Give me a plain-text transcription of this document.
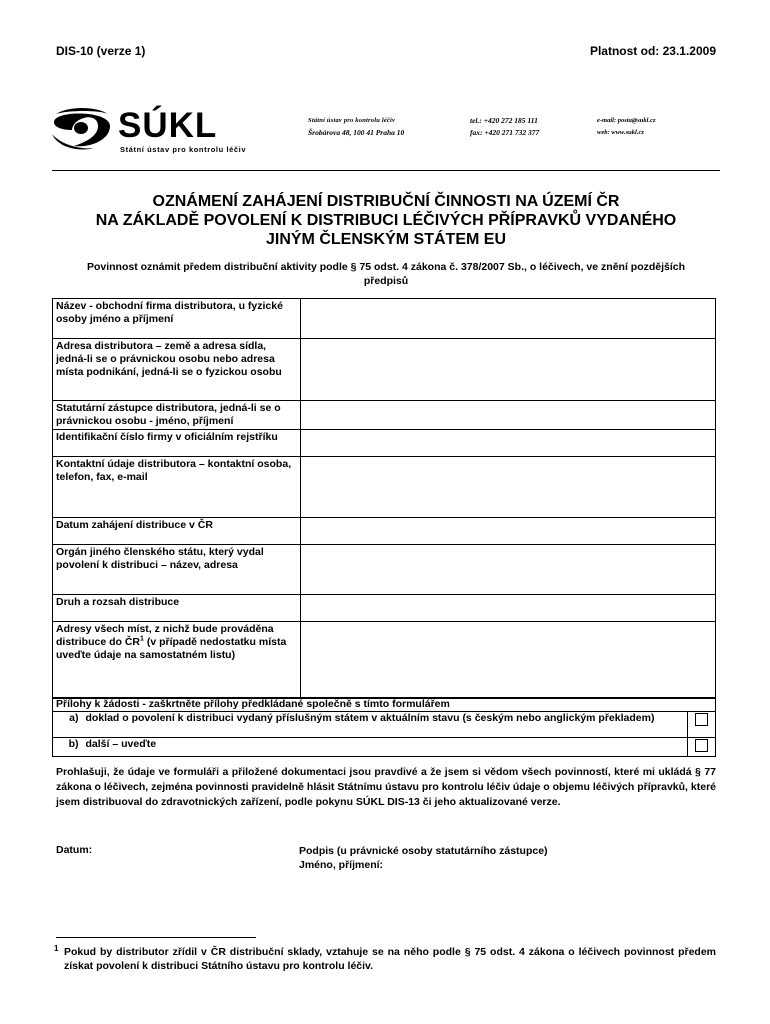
DIS-10 (verze 1)	Platnost od: 23.1.2009
SÚKL
Státní ústav pro kontrolu léčiv
Státní ústav pro kontrolu léčiv
Šrobárova 48, 100 41 Praha 10
tel.: +420 272 185 111
fax: +420 271 732 377
e-mail: posta@sukl.cz
web: www.sukl.cz
OZNÁMENÍ ZAHÁJENÍ DISTRIBUČNÍ ČINNOSTI NA ÚZEMÍ ČR
NA ZÁKLADĚ POVOLENÍ K DISTRIBUCI LÉČIVÝCH PŘÍPRAVKŮ VYDANÉHO
JINÝM ČLENSKÝM STÁTEM EU
Povinnost oznámit předem distribuční aktivity podle § 75 odst. 4 zákona č. 378/2007 Sb., o léčivech, ve znění pozdějších předpisů
Název - obchodní firma distributora, u fyzické osoby jméno a příjmení	
Adresa distributora – země a adresa sídla, jedná-li se o právnickou osobu nebo adresa místa podnikání, jedná-li se o fyzickou osobu	
Statutární zástupce distributora, jedná-li se o právnickou osobu - jméno, příjmení	
Identifikační číslo firmy v oficiálním rejstříku	
Kontaktní údaje distributora – kontaktní osoba, telefon, fax, e-mail	
Datum zahájení distribuce v ČR	
Orgán jiného členského státu, který vydal povolení k distribuci – název, adresa	
Druh a rozsah distribuce	
Adresy všech míst, z nichž bude prováděna distribuce do $ČR^1$ (v případě nedostatku místa uveďte údaje na samostatném listu)	
Přílohy k žádosti - zaškrtněte přílohy předkládané společně s tímto formulářem		
a)	doklad o povolení k distribuci vydaný příslušným státem v aktuálním stavu (s českým nebo anglickým překladem)	
b)	další – uveďte	
Prohlašuji, že údaje ve formuláři a přiložené dokumentaci jsou pravdivé a že jsem si vědom všech povinností, které mi ukládá § 77 zákona o léčivech, zejména povinnosti pravidelně hlásit Státnímu ústavu pro kontrolu léčiv údaje o objemu léčivých přípravků, které jsem distribuoval do zdravotnických zařízení, podle pokynu SÚKL DIS-13 či jeho aktualizované verze.
Datum:	Podpis (u právnické osoby statutárního zástupce)
Jméno, příjmení:
1 Pokud by distributor zřídil v ČR distribuční sklady, vztahuje se na něho podle § 75 odst. 4 zákona o léčivech povinnost předem získat povolení k distribuci Státního ústavu pro kontrolu léčiv.
